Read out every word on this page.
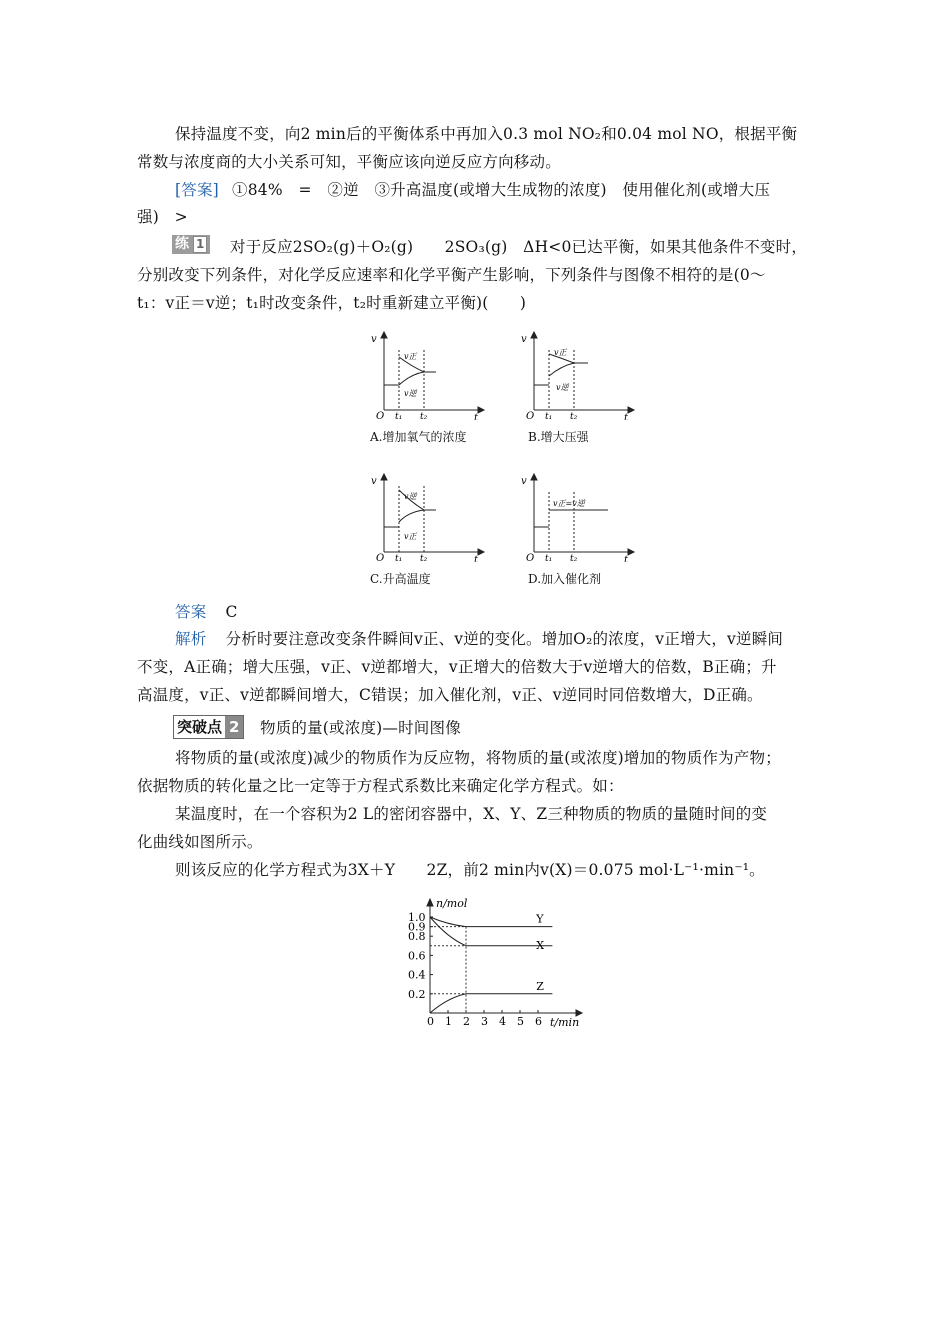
保持温度不变，向2 min后的平衡体系中再加入0.3 mol NO₂和0.04 mol NO，根据平衡
常数与浓度商的大小关系可知，平衡应该向逆反应方向移动。
[答案] ①84%　=　②逆　③升高温度(或增大生成物的浓度)　使用催化剂(或增大压
强)　>
练 1	对于反应2SO₂(g)＋O₂(g)　　2SO₃(g)　ΔH<0已达平衡，如果其他条件不变时，
分别改变下列条件，对化学反应速率和化学平衡产生影响，下列条件与图像不相符的是(0～
t₁：v正＝v逆；t₁时改变条件，t₂时重新建立平衡)(　　)
v
O t₁ t₂	t
v正
v逆
A.增加氧气的浓度
v
O t₁ t₂	t
v正
v逆
B.增大压强
v
O t₁ t₂	t
v逆
v正
C.升高温度
v
O t₁ t₂	t
v正=v逆
D.加入催化剂
答案 C
解析 分析时要注意改变条件瞬间v正、v逆的变化。增加O₂的浓度，v正增大，v逆瞬间
不变，A正确；增大压强，v正、v逆都增大，v正增大的倍数大于v逆增大的倍数，B正确；升
高温度，v正、v逆都瞬间增大，C错误；加入催化剂，v正、v逆同时同倍数增大，D正确。
突破点 2	物质的量(或浓度)—时间图像
将物质的量(或浓度)减少的物质作为反应物，将物质的量(或浓度)增加的物质作为产物；
依据物质的转化量之比一定等于方程式系数比来确定化学方程式。如：
某温度时，在一个容积为2 L的密闭容器中，X、Y、Z三种物质的物质的量随时间的变
化曲线如图所示。
则该反应的化学方程式为3X＋Y　　2Z，前2 min内v(X)＝0.075 mol·L⁻¹·min⁻¹。
n/mol
t/min
0 1 2 3 4 5 6
1.0
0.9
0.8
0.6
0.4
0.2
Y
X
Z
